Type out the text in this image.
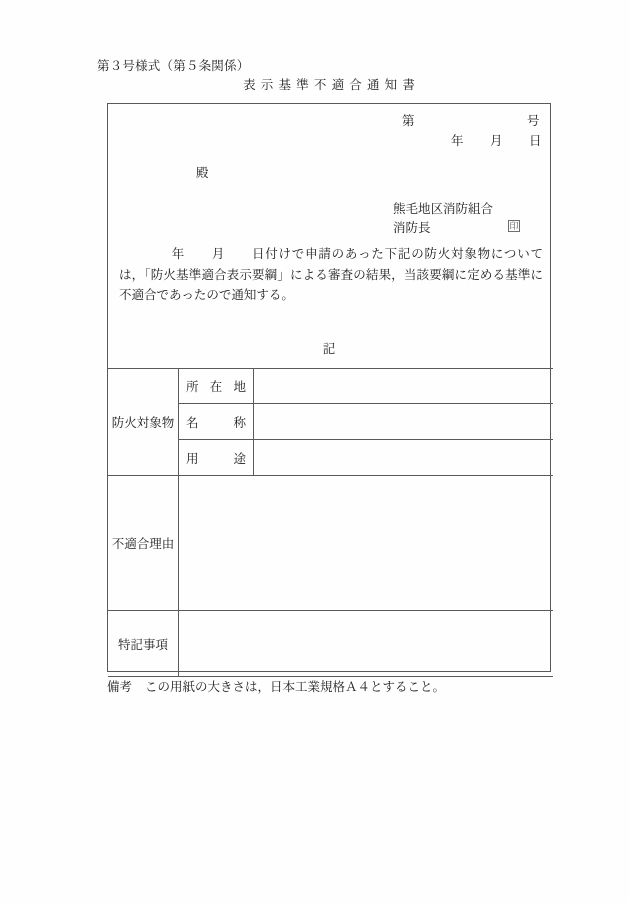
第３号様式（第５条関係）
表示基準不適合通知書
第	号
年 月 日
殿
熊毛地区消防組合
消防長	印
年 月 日付けで申請のあった下記の防火対象物については，「防火基準適合表示要綱」による審査の結果，当該要綱に定める基準に不適合であったので通知する。
記
防火対象物	所 在 地	

	名 称	

	用 途	

不適合理由		

特記事項		

備考 この用紙の大きさは，日本工業規格Ａ４とすること。
